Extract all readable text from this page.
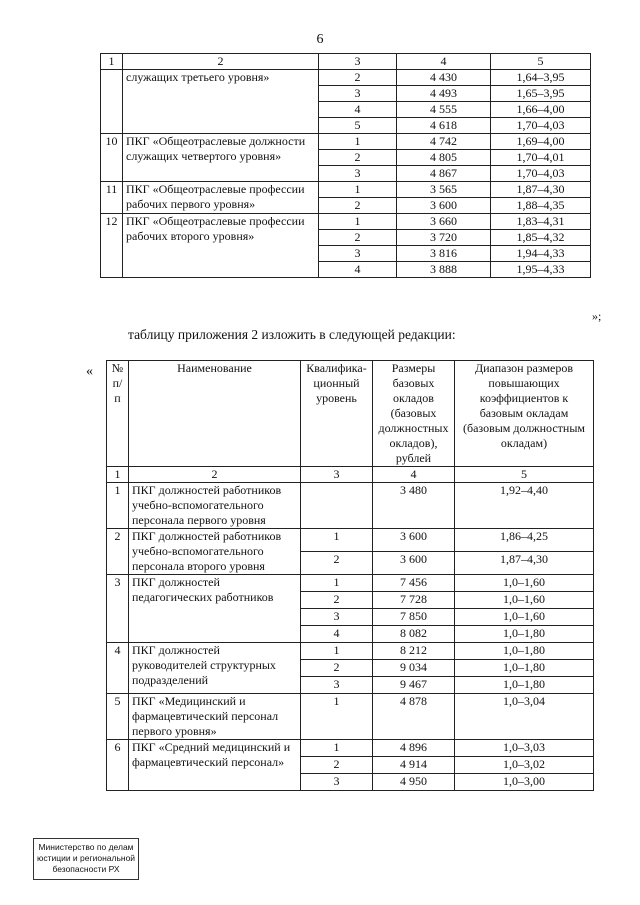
6
1	2	3	4	5
	служащих третьего уровня»	2	4 430	1,64–3,95
		3	4 493	1,65–3,95
		4	4 555	1,66–4,00
		5	4 618	1,70–4,03
10	ПКГ «Общеотраслевые должности служащих четвертого уровня»	1	4 742	1,69–4,00
		2	4 805	1,70–4,01
		3	4 867	1,70–4,03
11	ПКГ «Общеотраслевые профессии рабочих первого уровня»	1	3 565	1,87–4,30
		2	3 600	1,88–4,35
12	ПКГ «Общеотраслевые профессии рабочих второго уровня»	1	3 660	1,83–4,31
		2	3 720	1,85–4,32
		3	3 816	1,94–4,33
		4	3 888	1,95–4,33
»;
таблицу приложения 2 изложить в следующей редакции:
« № п/п	Наименование	Квалифика-ционный уровень	Размеры базовых окладов (базовых должностных окладов), рублей	Диапазон размеров повышающих коэффициентов к базовым окладам (базовым должностным окладам)
1	2	3	4	5
1	ПКГ должностей работников учебно-вспомогательного персонала первого уровня		3 480	1,92–4,40
2	ПКГ должностей работников учебно-вспомогательного персонала второго уровня	1	3 600	1,86–4,25
		2	3 600	1,87–4,30
3	ПКГ должностей педагогических работников	1	7 456	1,0–1,60
		2	7 728	1,0–1,60
		3	7 850	1,0–1,60
		4	8 082	1,0–1,80
4	ПКГ должностей руководителей структурных подразделений	1	8 212	1,0–1,80
		2	9 034	1,0–1,80
		3	9 467	1,0–1,80
5	ПКГ «Медицинский и фармацевтический персонал первого уровня»	1	4 878	1,0–3,04
6	ПКГ «Средний медицинский и фармацевтический персонал»	1	4 896	1,0–3,03
		2	4 914	1,0–3,02
		3	4 950	1,0–3,00
Министерство по делам
юстиции и региональной
безопасности РХ
